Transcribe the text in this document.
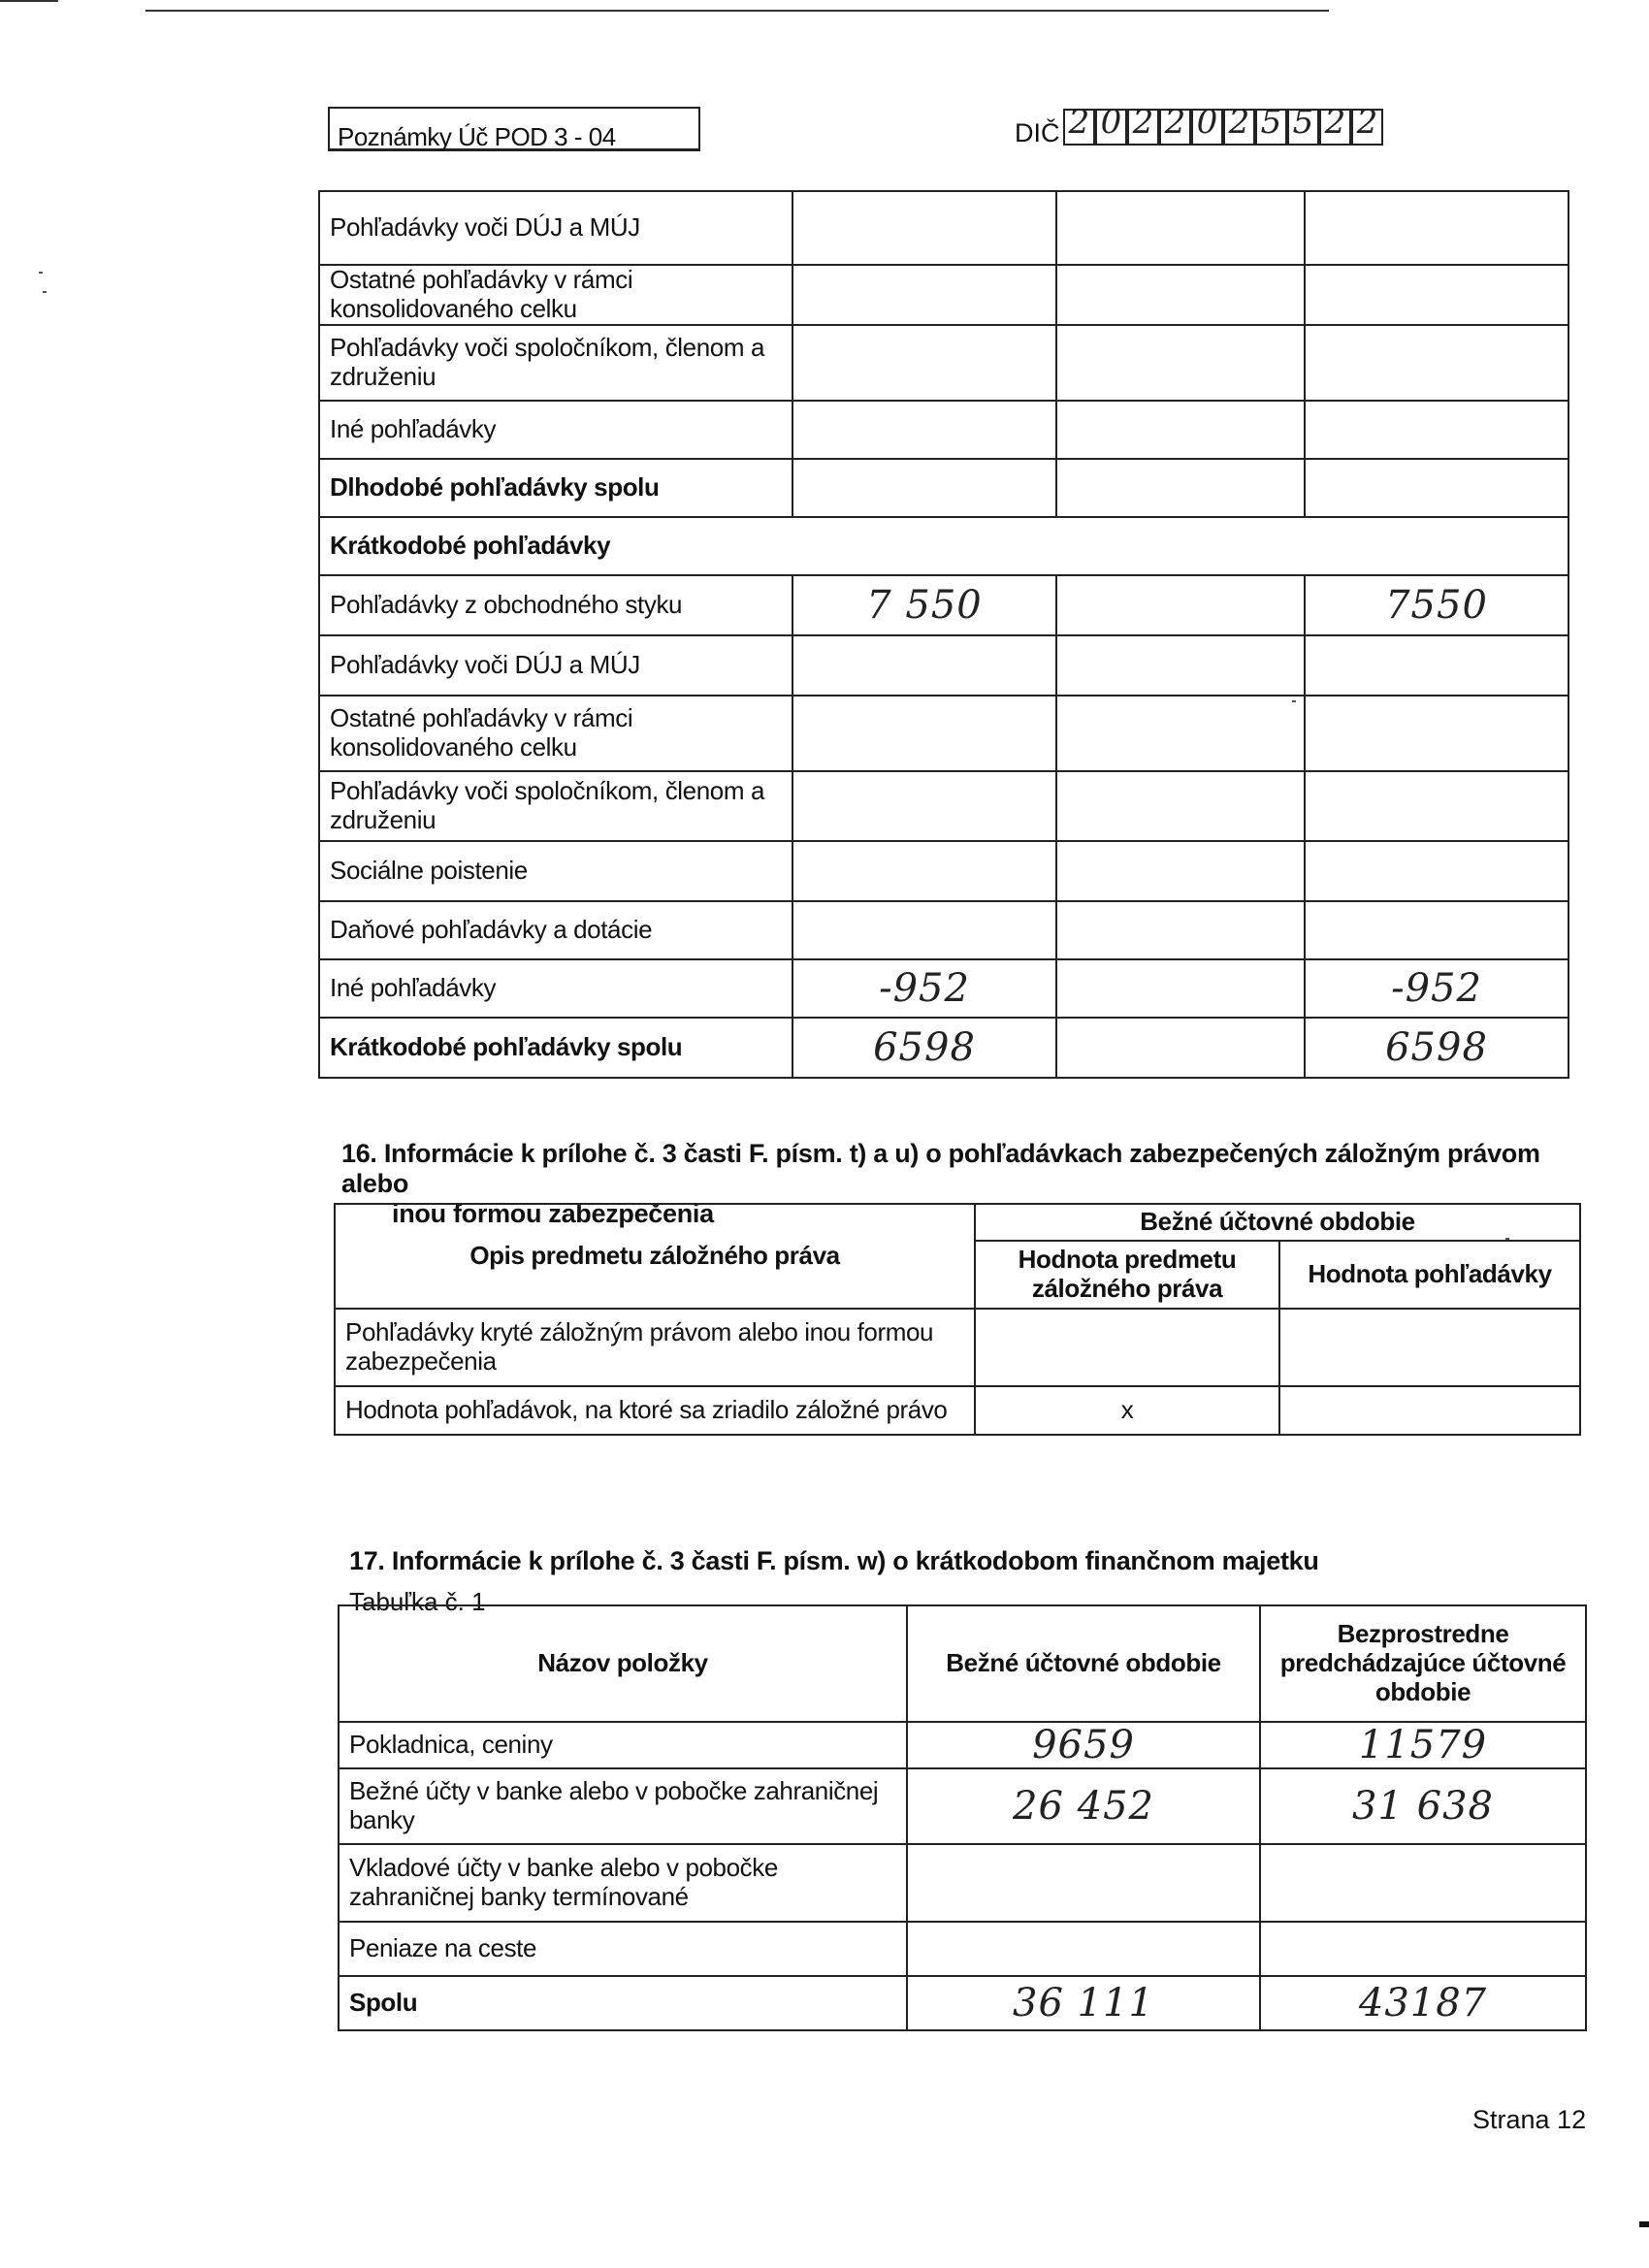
Poznámky Úč POD 3 - 04	DIČ 2 0 2 2 0 2 5 5 2 2
Pohľadávky voči DÚJ a MÚJ			
Ostatné pohľadávky v rámci konsolidovaného celku			
Pohľadávky voči spoločníkom, členom a združeniu			
Iné pohľadávky			
Dlhodobé pohľadávky spolu			
Krátkodobé pohľadávky			
Pohľadávky z obchodného styku	7 550		7550
Pohľadávky voči DÚJ a MÚJ			
Ostatné pohľadávky v rámci konsolidovaného celku			
Pohľadávky voči spoločníkom, členom a združeniu			
Sociálne poistenie			
Daňové pohľadávky a dotácie			
Iné pohľadávky	-952		-952
Krátkodobé pohľadávky spolu	6598		6598
16. Informácie k prílohe č. 3 časti F. písm. t) a u) o pohľadávkach zabezpečených záložným právom alebo
inou formou zabezpečenia
Opis predmetu záložného práva	Bežné účtovné obdobie	
	Hodnota predmetu záložného práva	Hodnota pohľadávky
Pohľadávky kryté záložným právom alebo inou formou zabezpečenia		
Hodnota pohľadávok, na ktoré sa zriadilo záložné právo	x	
17. Informácie k prílohe č. 3 časti F. písm. w) o krátkodobom finančnom majetku
Tabuľka č. 1
Názov položky	Bežné účtovné obdobie	Bezprostredne predchádzajúce účtovné obdobie
Pokladnica, ceniny	9659	11579
Bežné účty v banke alebo v pobočke zahraničnej banky	26 452	31 638
Vkladové účty v banke alebo v pobočke zahraničnej banky termínované		
Peniaze na ceste		
Spolu	36 111	43187
Strana 12
